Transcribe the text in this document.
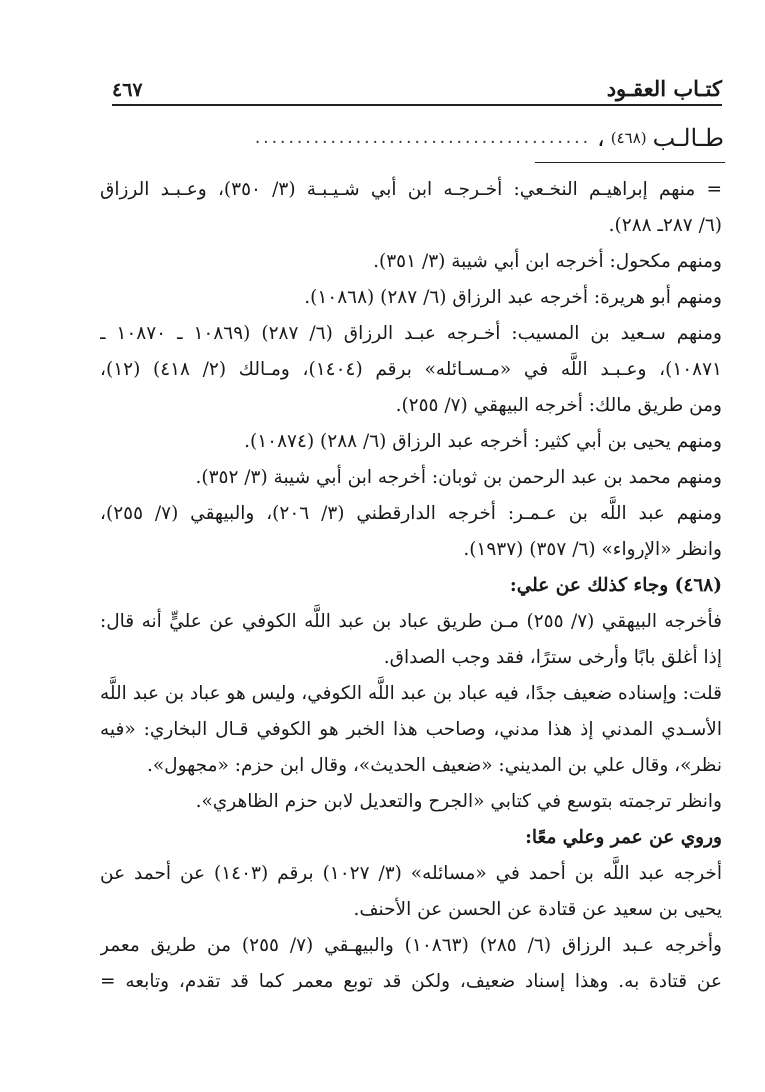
كتـاب العقـود
٤٦٧
طـالـب
(٤٦٨)
،
........................................
= منهم إبراهيـم النخـعي: أخـرجـه ابن أبي شـيـبـة (٣/ ٣٥٠)، وعـبـد الرزاق
(٦/ ٢٨٧ـ ٢٨٨).
ومنهم مكحول: أخرجه ابن أبي شيبة (٣/ ٣٥١).
ومنهم أبو هريرة: أخرجه عبد الرزاق (٦/ ٢٨٧) (١٠٨٦٨).
ومنهم سـعيد بن المسيب: أخـرجه عبـد الرزاق (٦/ ٢٨٧) (١٠٨٦٩ ـ ١٠٨٧٠ ـ
١٠٨٧١)، وعـبـد اللَّه في «مـسـائله» برقم (١٤٠٤)، ومـالك (٢/ ٤١٨) (١٢)،
ومن طريق مالك: أخرجه البيهقي (٧/ ٢٥٥).
ومنهم يحيى بن أبي كثير: أخرجه عبد الرزاق (٦/ ٢٨٨) (١٠٨٧٤).
ومنهم محمد بن عبد الرحمن بن ثوبان: أخرجه ابن أبي شيبة (٣/ ٣٥٢).
ومنهم عبد اللَّه بن عـمـر: أخرجه الدارقطني (٣/ ٢٠٦)، والبيهقي (٧/ ٢٥٥)،
وانظر «الإرواء» (٦/ ٣٥٧) (١٩٣٧).
(٤٦٨) وجاء كذلك عن علي:
فأخرجه البيهقي (٧/ ٢٥٥) مـن طريق عباد بن عبد اللَّه الكوفي عن عليٍّ أنه قال:
إذا أغلق بابًا وأرخى سترًا، فقد وجب الصداق.
قلت: وإسناده ضعيف جدًا، فيه عباد بن عبد اللَّه الكوفي، وليس هو عباد بن عبد اللَّه
الأسـدي المدني إذ هذا مدني، وصاحب هذا الخبر هو الكوفي قـال البخاري: «فيه
نظر»، وقال علي بن المديني: «ضعيف الحديث»، وقال ابن حزم: «مجهول».
وانظر ترجمته بتوسع في كتابي «الجرح والتعديل لابن حزم الظاهري».
وروي عن عمر وعلي معًا:
أخرجه عبد اللَّه بن أحمد في «مسائله» (٣/ ١٠٢٧) برقم (١٤٠٣) عن أحمد عن
يحيى بن سعيد عن قتادة عن الحسن عن الأحنف.
وأخرجه عـبد الرزاق (٦/ ٢٨٥) (١٠٨٦٣) والبيهـقي (٧/ ٢٥٥) من طريق معمر
عن قتادة به. وهذا إسناد ضعيف، ولكن قد توبع معمر كما قد تقدم، وتابعه =
